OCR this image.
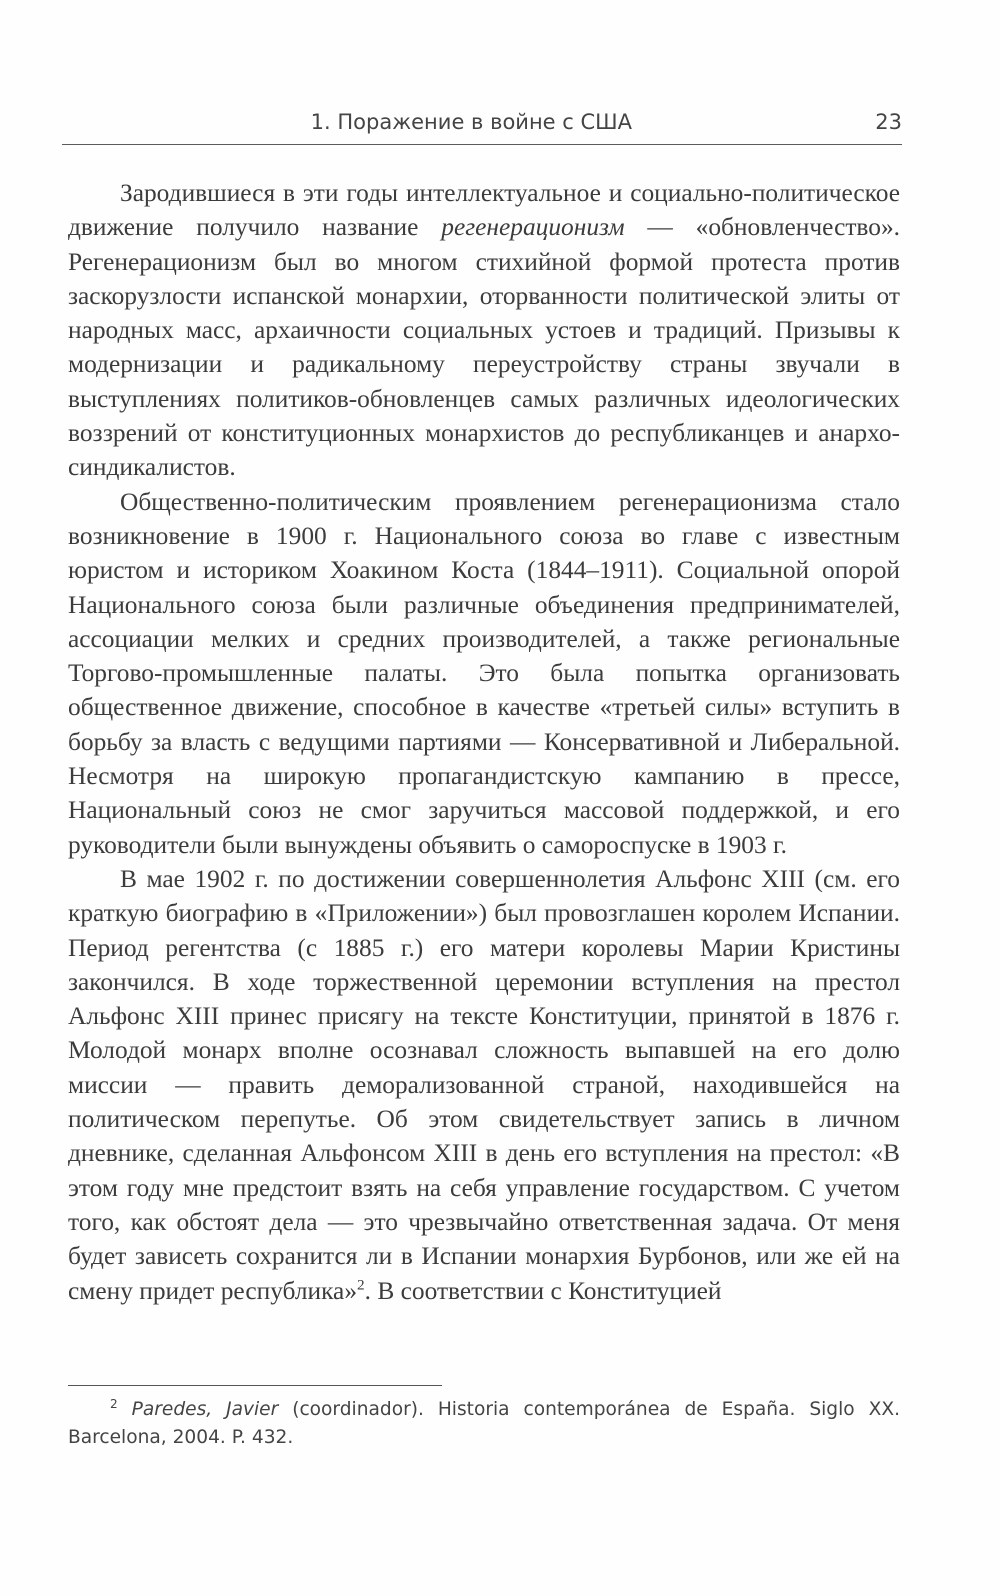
1. Поражение в войне с США	23

Зародившиеся в эти годы интеллектуальное и социально-политическое движение получило название регенерационизм — «обновленчество». Регенерационизм был во многом стихийной формой протеста против заскорузлости испанской монархии, оторванности политической элиты от народных масс, архаичности социальных устоев и традиций. Призывы к модернизации и радикальному переустройству страны звучали в выступлениях политиков-обновленцев самых различных идеологических воззрений от конституционных монархистов до республиканцев и анархо-синдикалистов.

Общественно-политическим проявлением регенерационизма стало возникновение в 1900 г. Национального союза во главе с известным юристом и историком Хоакином Коста (1844–1911). Социальной опорой Национального союза были различные объединения предпринимателей, ассоциации мелких и средних производителей, а также региональные Торгово-промышленные палаты. Это была попытка организовать общественное движение, способное в качестве «третьей силы» вступить в борьбу за власть с ведущими партиями — Консервативной и Либеральной. Несмотря на широкую пропагандистскую кампанию в прессе, Национальный союз не смог заручиться массовой поддержкой, и его руководители были вынуждены объявить о самороспуске в 1903 г.

В мае 1902 г. по достижении совершеннолетия Альфонс XIII (см. его краткую биографию в «Приложении») был провозглашен королем Испании. Период регентства (с 1885 г.) его матери королевы Марии Кристины закончился. В ходе торжественной церемонии вступления на престол Альфонс XIII принес присягу на тексте Конституции, принятой в 1876 г. Молодой монарх вполне осознавал сложность выпавшей на его долю миссии — править деморализованной страной, находившейся на политическом перепутье. Об этом свидетельствует запись в личном дневнике, сделанная Альфонсом XIII в день его вступления на престол: «В этом году мне предстоит взять на себя управление государством. С учетом того, как обстоят дела — это чрезвычайно ответственная задача. От меня будет зависеть сохранится ли в Испании монархия Бурбонов, или же ей на смену придет республика»$^2$. В соответствии с Конституцией

$^2$ Paredes, Javier (coordinador). Historia contemporánea de España. Siglo XX. Barcelona, 2004. P. 432.
